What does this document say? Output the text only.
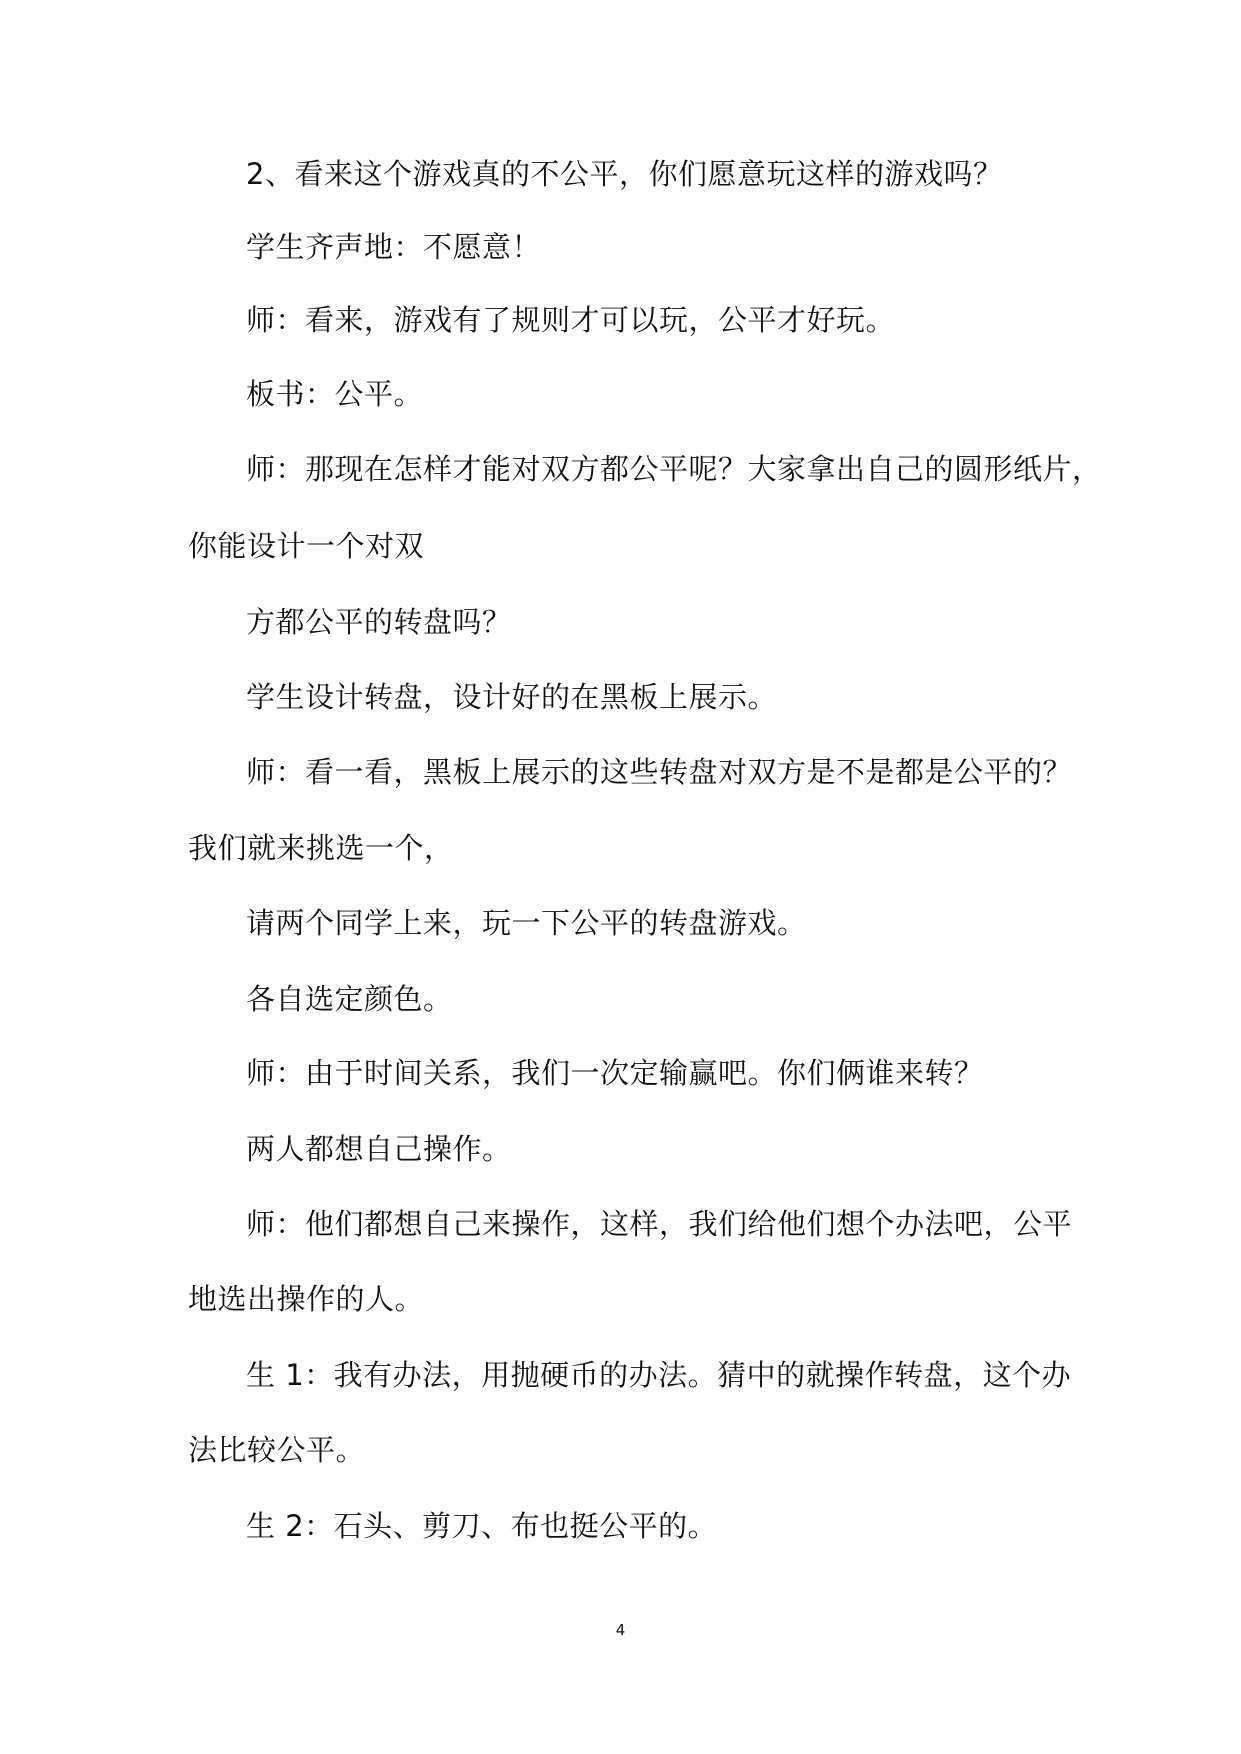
2、看来这个游戏真的不公平，你们愿意玩这样的游戏吗？

学生齐声地：不愿意！

师：看来，游戏有了规则才可以玩，公平才好玩。

板书：公平。

师：那现在怎样才能对双方都公平呢？大家拿出自己的圆形纸片，

你能设计一个对双

方都公平的转盘吗？

学生设计转盘，设计好的在黑板上展示。

师：看一看，黑板上展示的这些转盘对双方是不是都是公平的？

我们就来挑选一个，

请两个同学上来，玩一下公平的转盘游戏。

各自选定颜色。

师：由于时间关系，我们一次定输赢吧。你们俩谁来转？

两人都想自己操作。

师：他们都想自己来操作，这样，我们给他们想个办法吧，公平

地选出操作的人。

生 1：我有办法，用抛硬币的办法。猜中的就操作转盘，这个办

法比较公平。

生 2：石头、剪刀、布也挺公平的。

4
